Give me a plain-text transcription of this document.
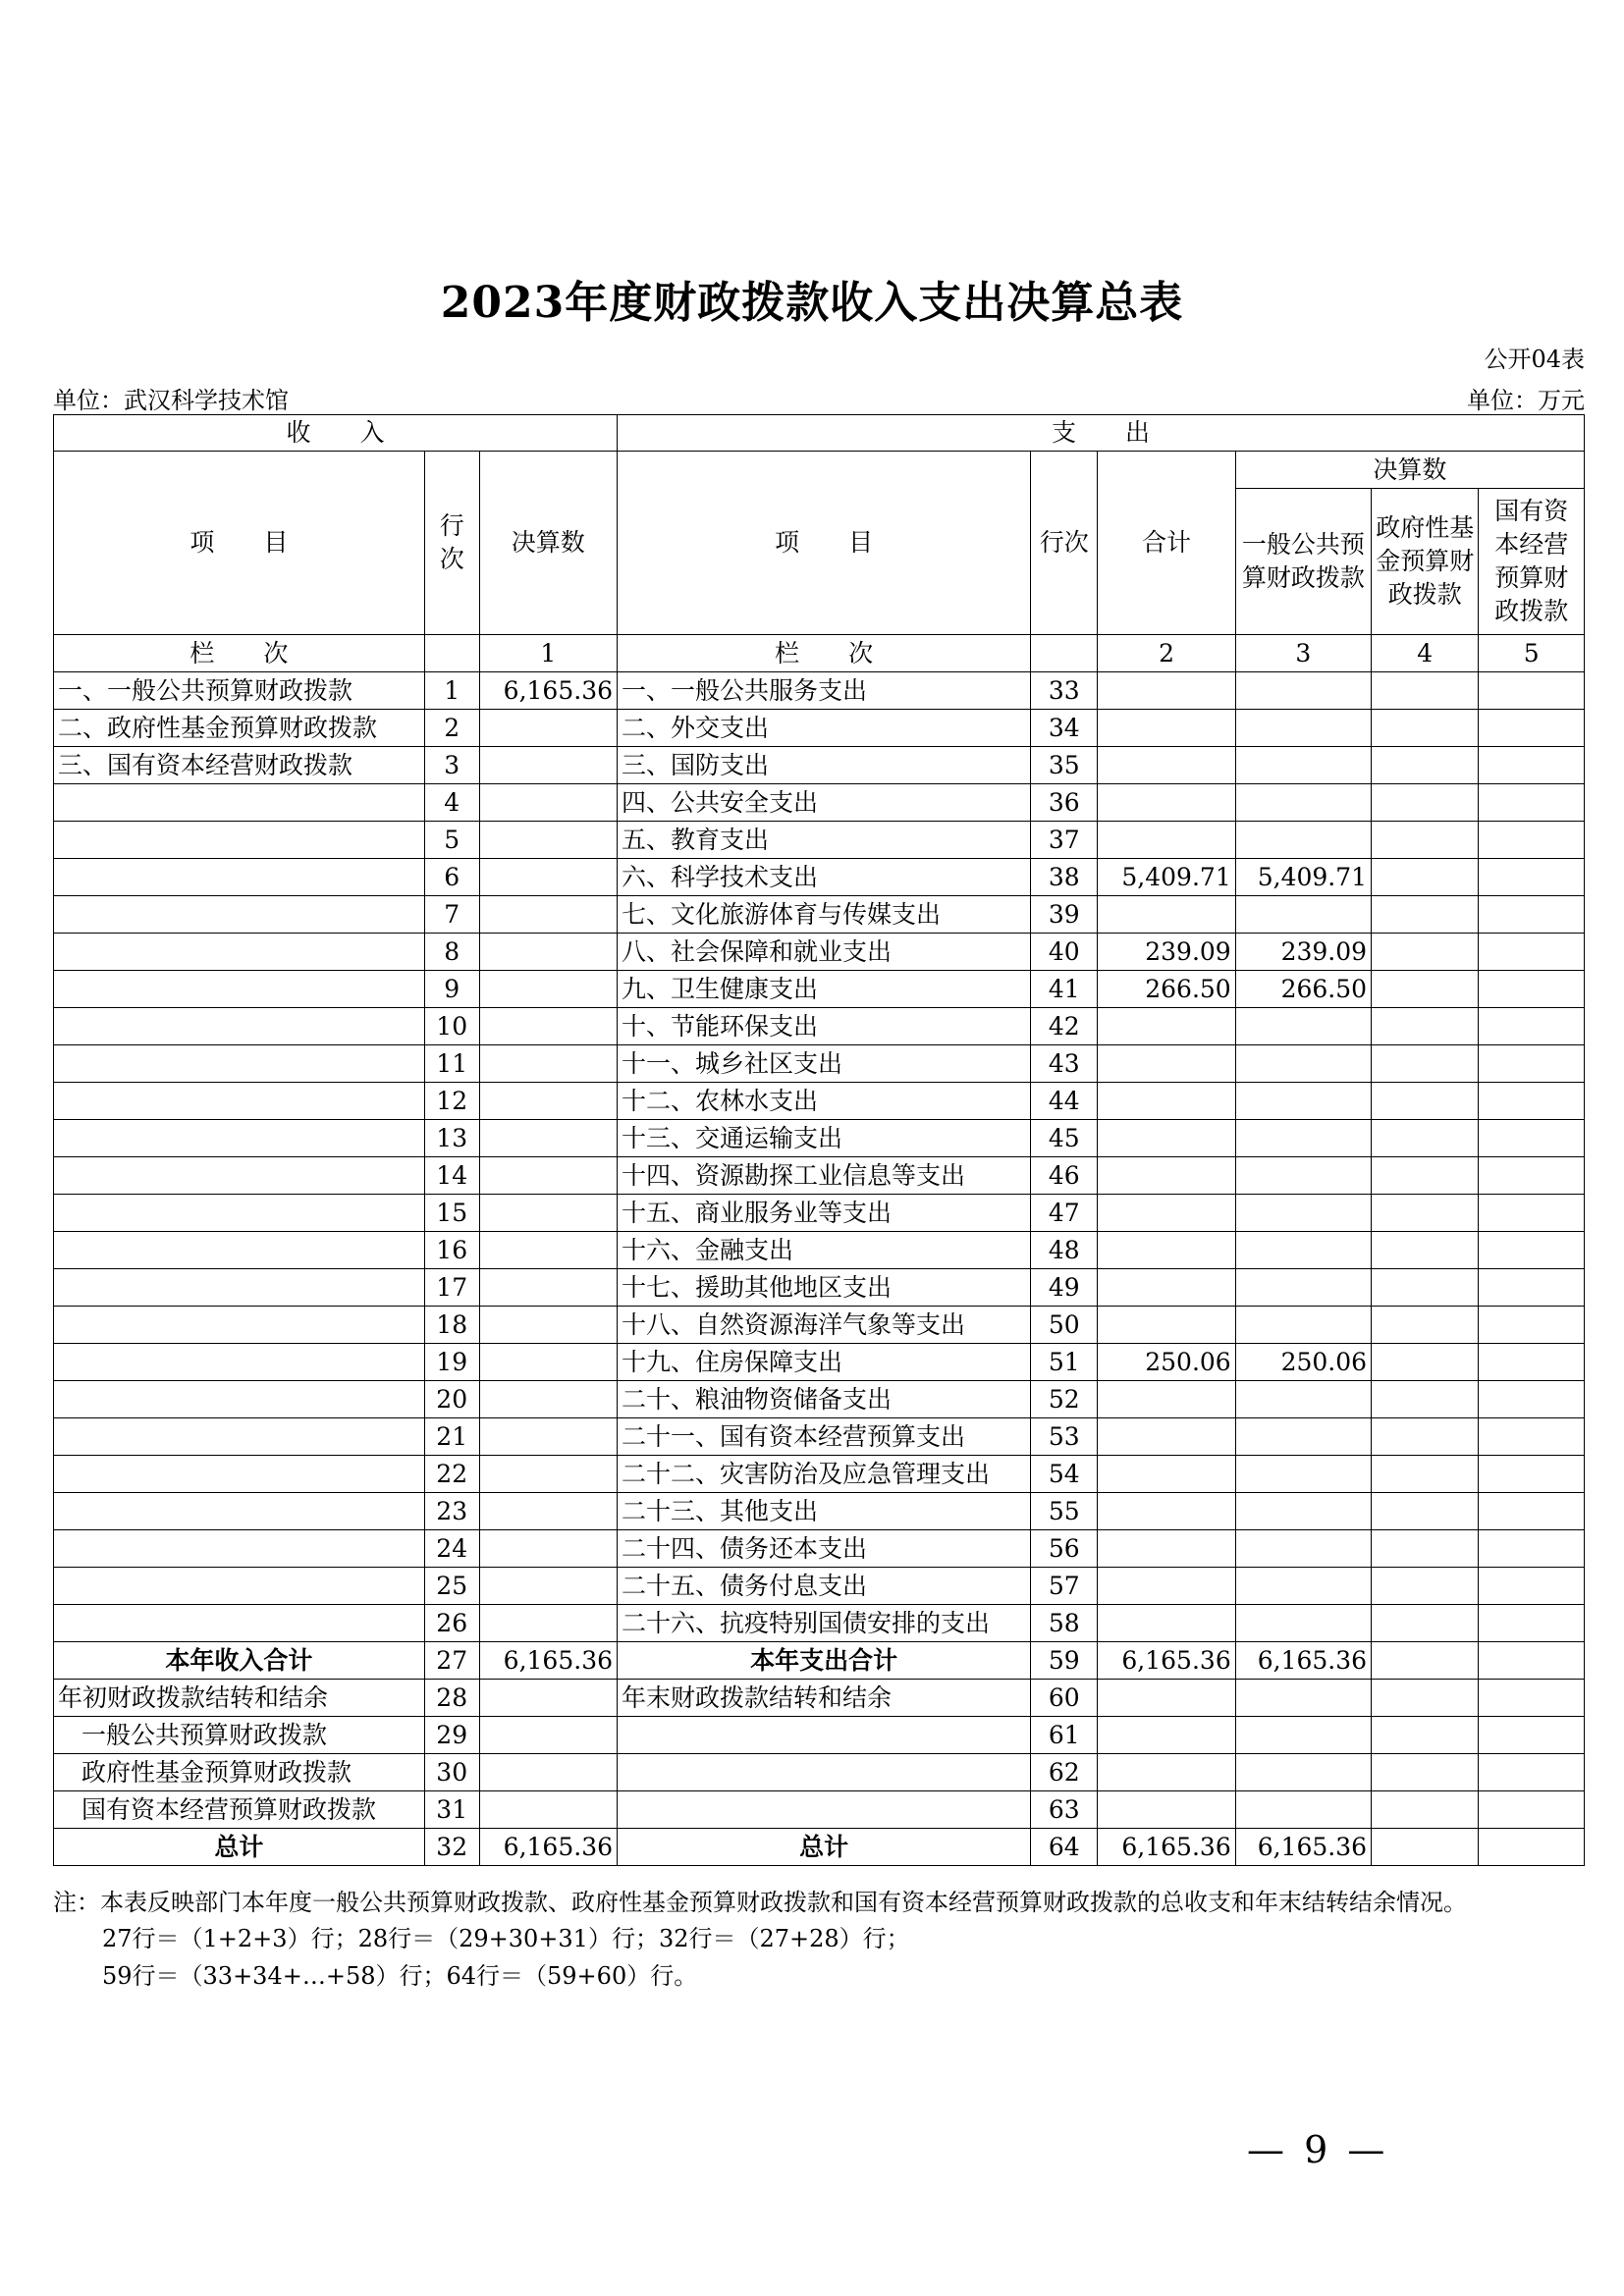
2023年度财政拨款收入支出决算总表
公开04表
单位：武汉科学技术馆	单位：万元
收　　入			支　　出					
项　　目	行次	决算数	项　　目	行次	合计	决算数		
						一般公共预算财政拨款	政府性基金预算财政拨款	国有资本经营预算财政拨款
栏　　次		1	栏　　次		2	3	4	5
一、一般公共预算财政拨款	1	6,165.36	一、一般公共服务支出	33				
二、政府性基金预算财政拨款	2		二、外交支出	34				
三、国有资本经营财政拨款	3		三、国防支出	35				
	4		四、公共安全支出	36				
	5		五、教育支出	37				
	6		六、科学技术支出	38	5,409.71	5,409.71		
	7		七、文化旅游体育与传媒支出	39				
	8		八、社会保障和就业支出	40	239.09	239.09		
	9		九、卫生健康支出	41	266.50	266.50		
	10		十、节能环保支出	42				
	11		十一、城乡社区支出	43				
	12		十二、农林水支出	44				
	13		十三、交通运输支出	45				
	14		十四、资源勘探工业信息等支出	46				
	15		十五、商业服务业等支出	47				
	16		十六、金融支出	48				
	17		十七、援助其他地区支出	49				
	18		十八、自然资源海洋气象等支出	50				
	19		十九、住房保障支出	51	250.06	250.06		
	20		二十、粮油物资储备支出	52				
	21		二十一、国有资本经营预算支出	53				
	22		二十二、灾害防治及应急管理支出	54				
	23		二十三、其他支出	55				
	24		二十四、债务还本支出	56				
	25		二十五、债务付息支出	57				
	26		二十六、抗疫特别国债安排的支出	58				
本年收入合计	27	6,165.36	本年支出合计	59	6,165.36	6,165.36		
年初财政拨款结转和结余	28		年末财政拨款结转和结余	60				
一般公共预算财政拨款	29			61				
政府性基金预算财政拨款	30			62				
国有资本经营预算财政拨款	31			63				
总计	32	6,165.36	总计	64	6,165.36	6,165.36		

注：本表反映部门本年度一般公共预算财政拨款、政府性基金预算财政拨款和国有资本经营预算财政拨款的总收支和年末结转结余情况。

27行＝（1+2+3）行；28行＝（29+30+31）行；32行＝（27+28）行；

59行＝（33+34+…+58）行；64行＝（59+60）行。

— 9 —
